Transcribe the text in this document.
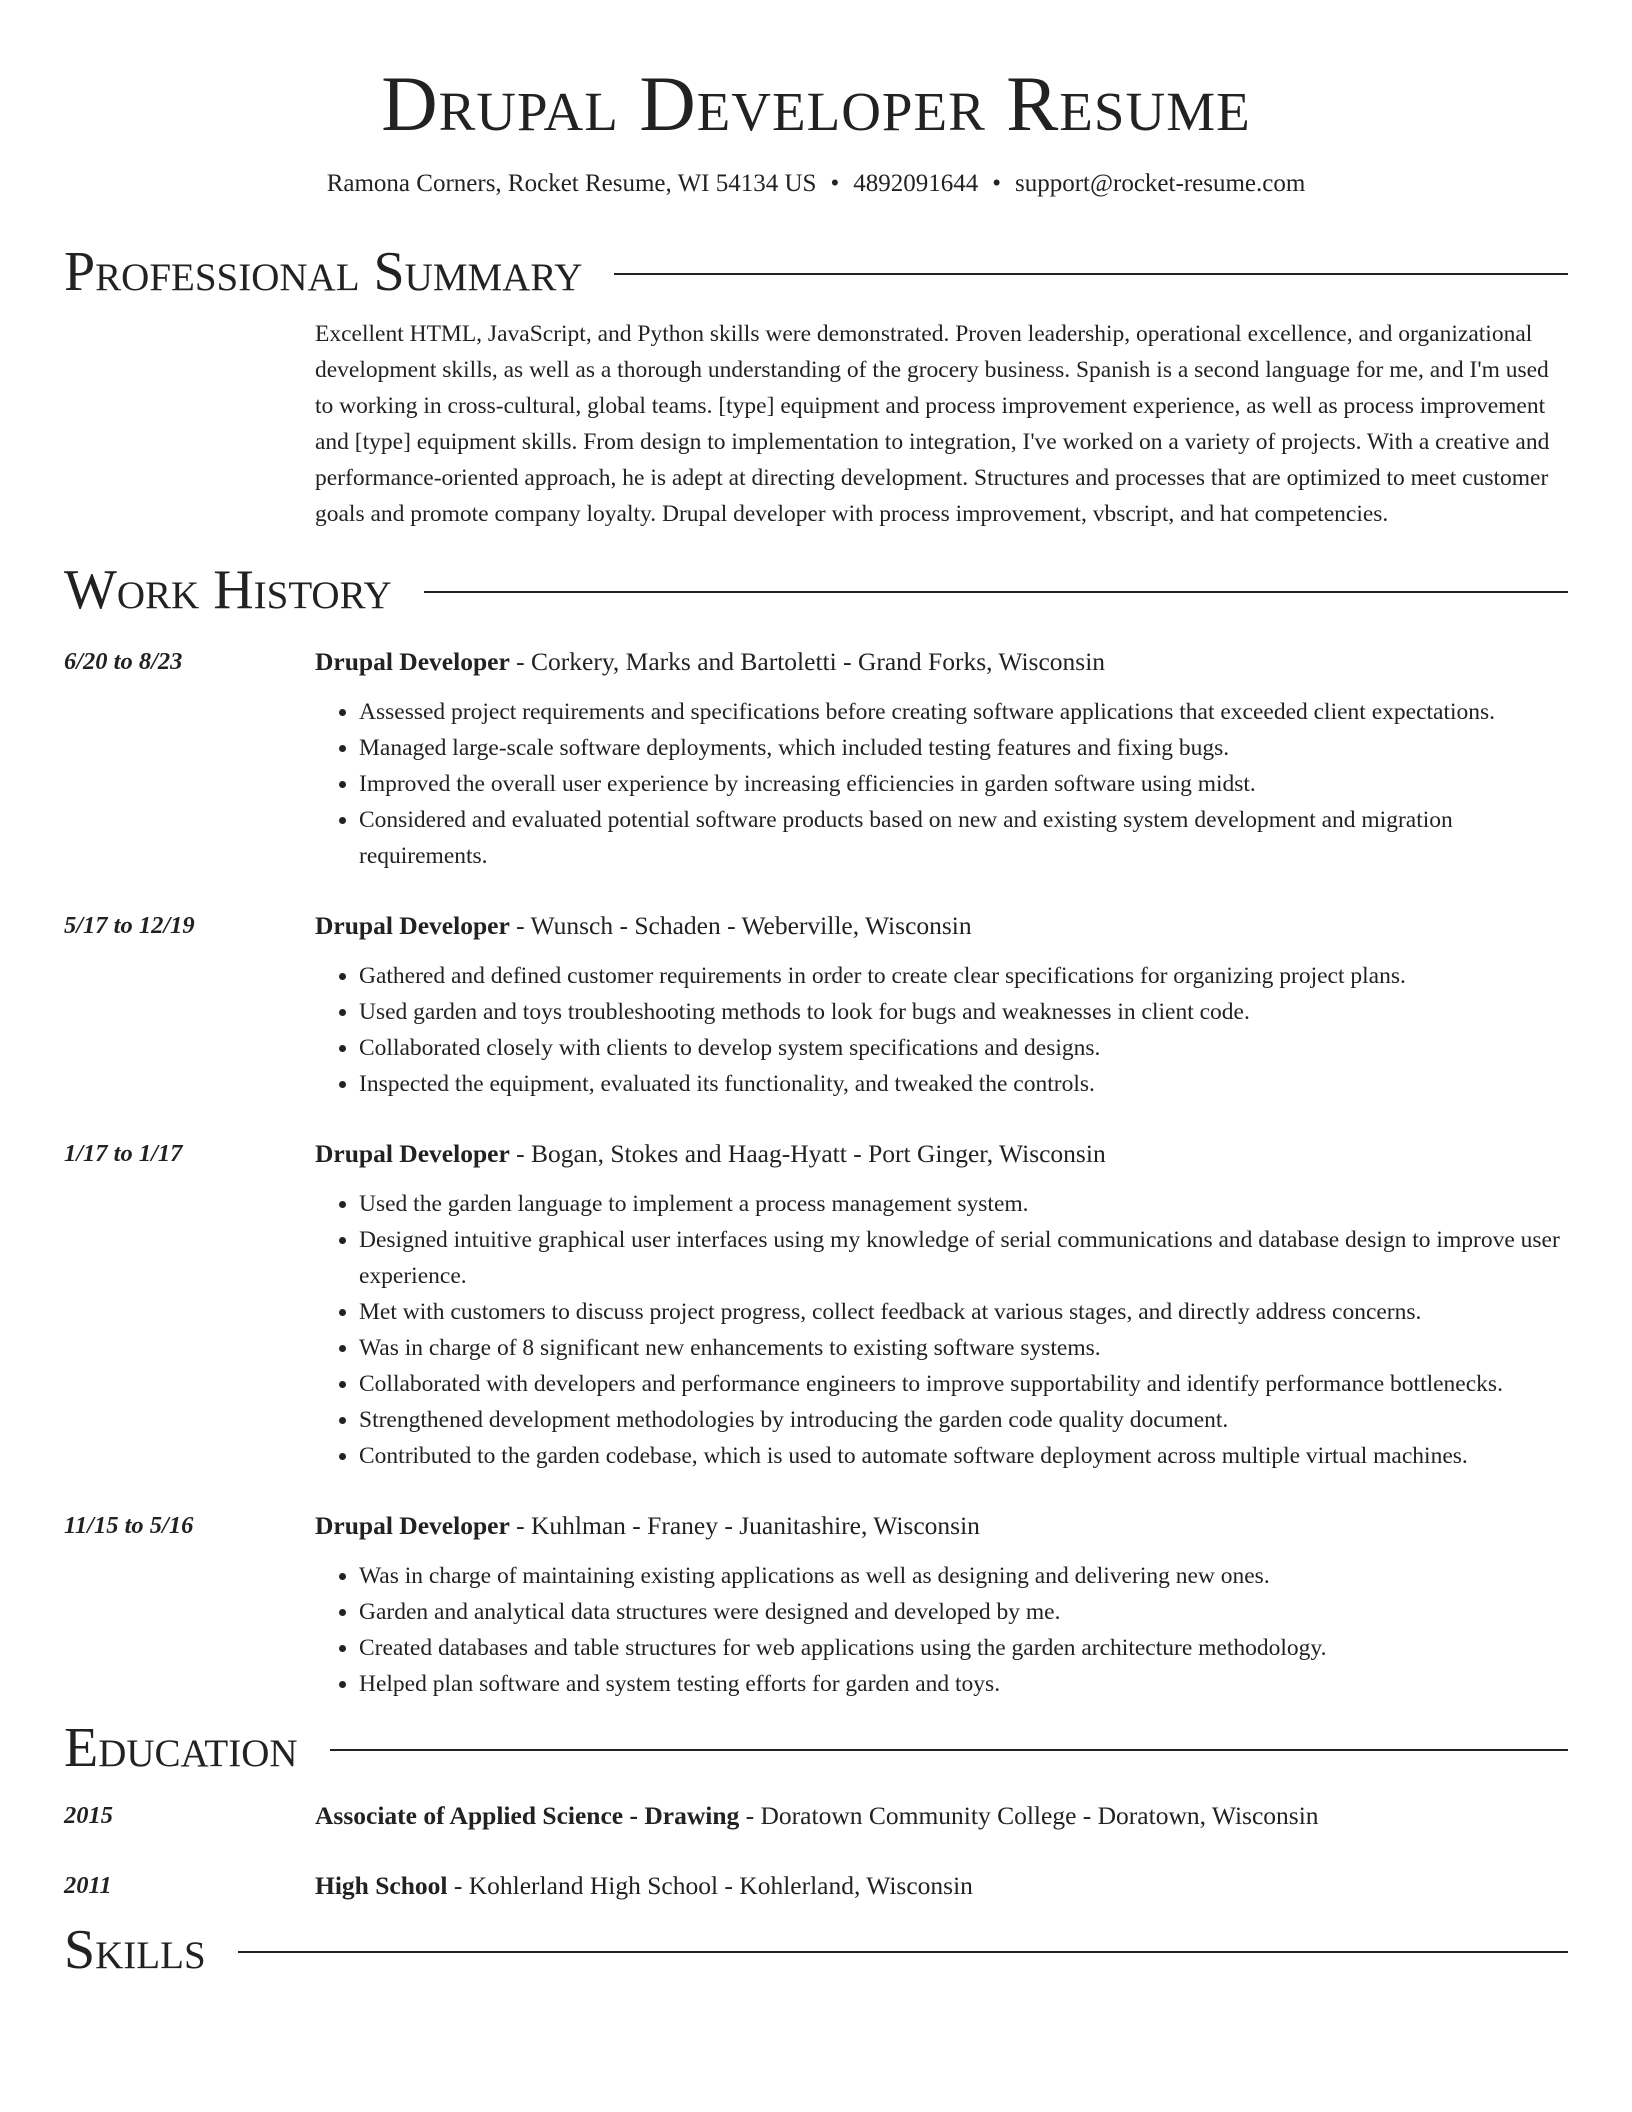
Drupal Developer Resume
Ramona Corners, Rocket Resume, WI 54134 US • 4892091644 • support@rocket-resume.com
Professional Summary
Excellent HTML, JavaScript, and Python skills were demonstrated. Proven leadership, operational excellence, and organizational development skills, as well as a thorough understanding of the grocery business. Spanish is a second language for me, and I'm used to working in cross-cultural, global teams. [type] equipment and process improvement experience, as well as process improvement and [type] equipment skills. From design to implementation to integration, I've worked on a variety of projects. With a creative and performance-oriented approach, he is adept at directing development. Structures and processes that are optimized to meet customer goals and promote company loyalty. Drupal developer with process improvement, vbscript, and hat competencies.
Work History
6/20 to 8/23	Drupal Developer - Corkery, Marks and Bartoletti - Grand Forks, Wisconsin
• Assessed project requirements and specifications before creating software applications that exceeded client expectations.
• Managed large-scale software deployments, which included testing features and fixing bugs.
• Improved the overall user experience by increasing efficiencies in garden software using midst.
• Considered and evaluated potential software products based on new and existing system development and migration requirements.
5/17 to 12/19	Drupal Developer - Wunsch - Schaden - Weberville, Wisconsin
• Gathered and defined customer requirements in order to create clear specifications for organizing project plans.
• Used garden and toys troubleshooting methods to look for bugs and weaknesses in client code.
• Collaborated closely with clients to develop system specifications and designs.
• Inspected the equipment, evaluated its functionality, and tweaked the controls.
1/17 to 1/17	Drupal Developer - Bogan, Stokes and Haag-Hyatt - Port Ginger, Wisconsin
• Used the garden language to implement a process management system.
• Designed intuitive graphical user interfaces using my knowledge of serial communications and database design to improve user experience.
• Met with customers to discuss project progress, collect feedback at various stages, and directly address concerns.
• Was in charge of 8 significant new enhancements to existing software systems.
• Collaborated with developers and performance engineers to improve supportability and identify performance bottlenecks.
• Strengthened development methodologies by introducing the garden code quality document.
• Contributed to the garden codebase, which is used to automate software deployment across multiple virtual machines.
11/15 to 5/16	Drupal Developer - Kuhlman - Franey - Juanitashire, Wisconsin
• Was in charge of maintaining existing applications as well as designing and delivering new ones.
• Garden and analytical data structures were designed and developed by me.
• Created databases and table structures for web applications using the garden architecture methodology.
• Helped plan software and system testing efforts for garden and toys.
Education
2015	Associate of Applied Science - Drawing - Doratown Community College - Doratown, Wisconsin
2011	High School - Kohlerland High School - Kohlerland, Wisconsin
Skills
